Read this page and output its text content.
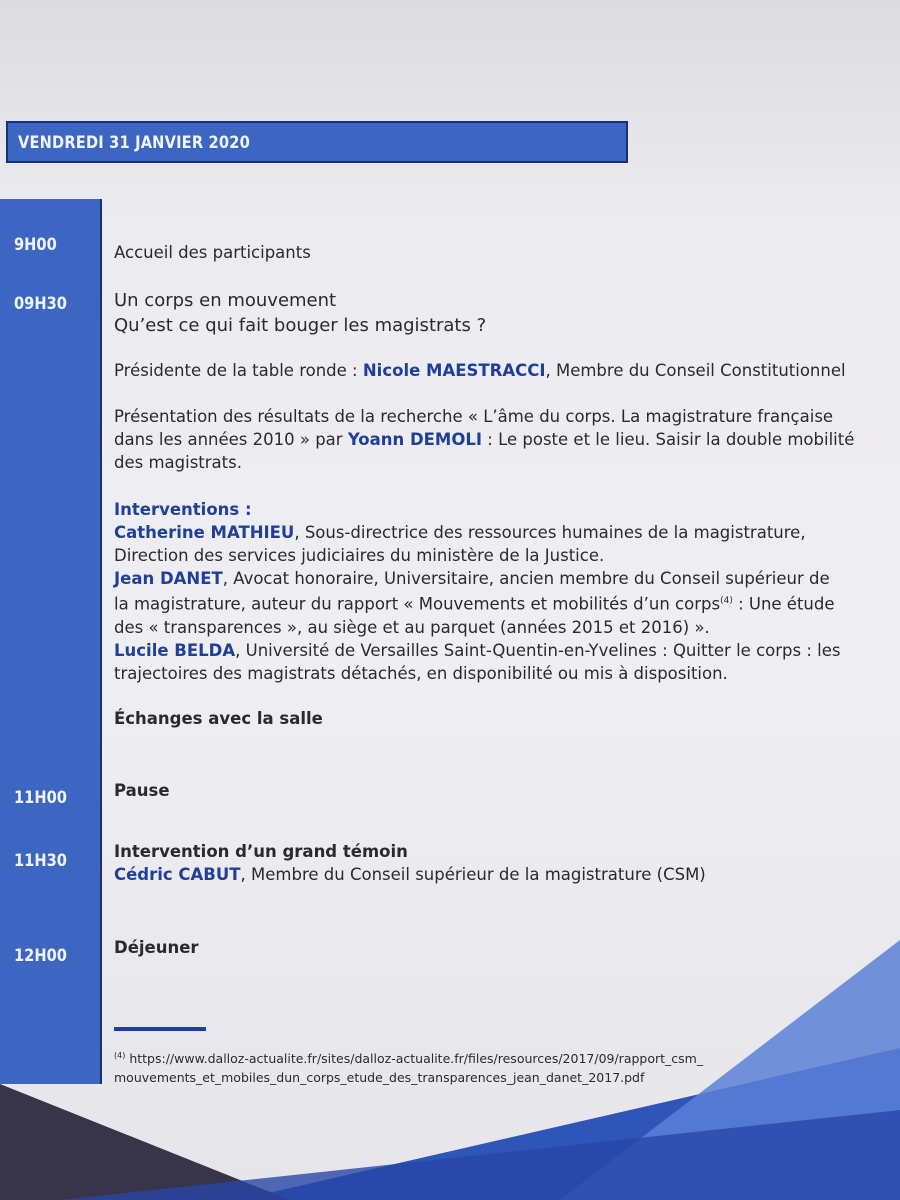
VENDREDI 31 JANVIER 2020
9H00
09H30
11H00
11H30
12H00
Accueil des participants
Un corps en mouvement
Qu’est ce qui fait bouger les magistrats ?
Présidente de la table ronde : Nicole MAESTRACCI, Membre du Conseil Constitutionnel
Présentation des résultats de la recherche « L’âme du corps. La magistrature française
dans les années 2010 » par Yoann DEMOLI : Le poste et le lieu. Saisir la double mobilité
des magistrats.
Interventions :
Catherine MATHIEU, Sous-directrice des ressources humaines de la magistrature,
Direction des services judiciaires du ministère de la Justice.
Jean DANET, Avocat honoraire, Universitaire, ancien membre du Conseil supérieur de
la magistrature, auteur du rapport « Mouvements et mobilités d’un corps$^{(4)}$ : Une étude
des « transparences », au siège et au parquet (années 2015 et 2016) ».
Lucile BELDA, Université de Versailles Saint-Quentin-en-Yvelines : Quitter le corps : les
trajectoires des magistrats détachés, en disponibilité ou mis à disposition.
Échanges avec la salle
Pause
Intervention d’un grand témoin
Cédric CABUT, Membre du Conseil supérieur de la magistrature (CSM)
Déjeuner
$^{(4)}$ https://www.dalloz-actualite.fr/sites/dalloz-actualite.fr/files/resources/2017/09/rapport_csm_
mouvements_et_mobiles_dun_corps_etude_des_transparences_jean_danet_2017.pdf
